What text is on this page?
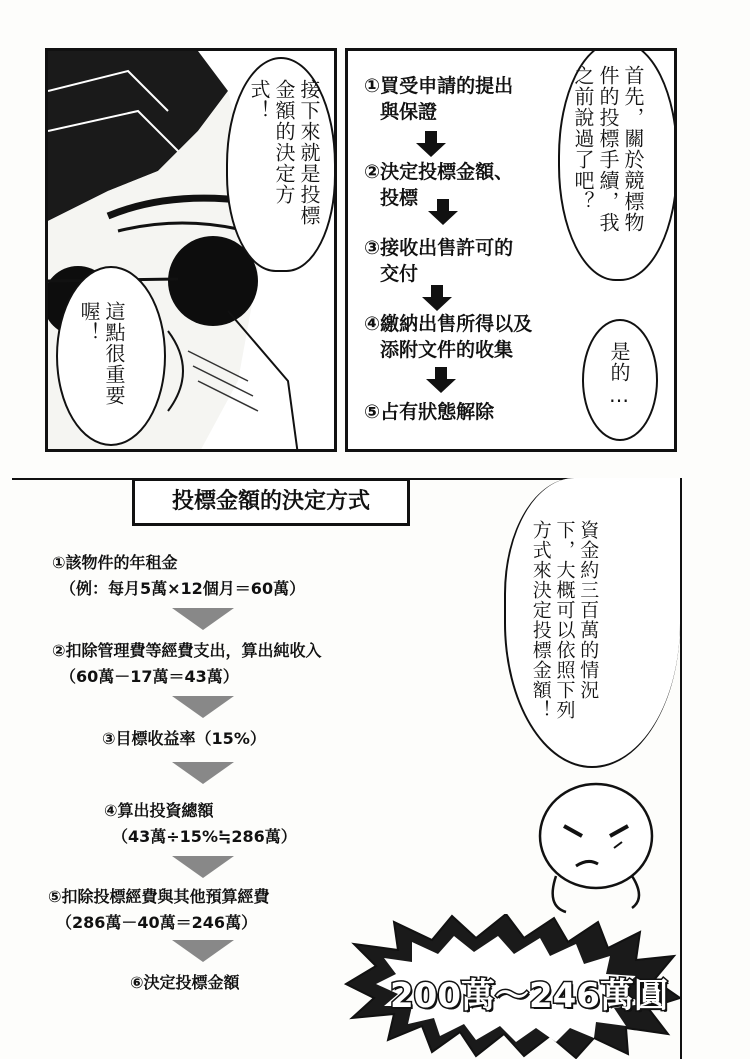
接下來就是投標金額的決定方式！
這點很重要喔！
①買受申請的提出
與保證
②決定投標金額、
投標
③接收出售許可的
交付
④繳納出售所得以及
添附文件的收集
⑤占有狀態解除
首先，關於競標物件的投標手續，我之前說過了吧？
是的…
投標金額的決定方式
①該物件的年租金
（例：每月5萬×12個月＝60萬）
②扣除管理費等經費支出，算出純收入
（60萬－17萬＝43萬）
③目標收益率（15%）
④算出投資總額
（43萬÷15%≒286萬）
⑤扣除投標經費與其他預算經費
（286萬－40萬＝246萬）
⑥決定投標金額
資金約三百萬的情況下，大概可以依照下列方式來決定投標金額！
200萬～246萬圓
